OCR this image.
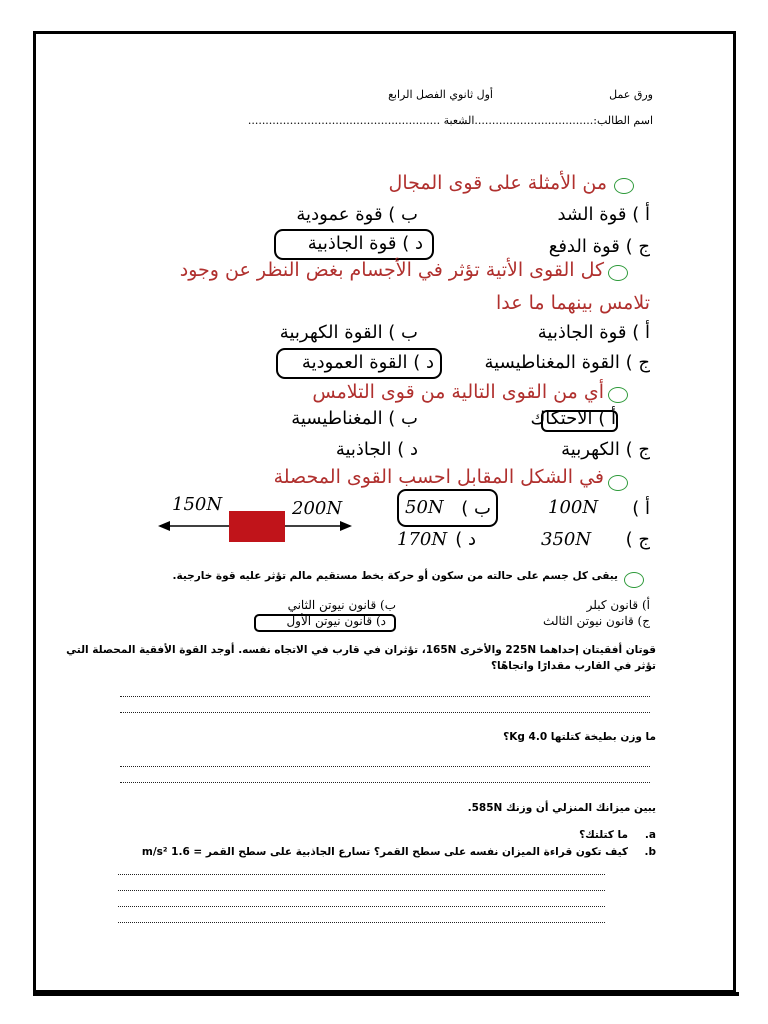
ورق عمل
أول ثانوي الفصل الرابع
اسم الطالب:..................................الشعبة .......................................................
من الأمثلة على قوى المجال
أ ) قوة الشد
ب ) قوة عمودية
ج ) قوة الدفع
د ) قوة الجاذبية
كل القوى الأتية تؤثر في الأجسام بغض النظر عن وجود
تلامس بينهما ما عدا
أ ) قوة الجاذبية
ب ) القوة الكهربية
ج ) القوة المغناطيسية
د ) القوة العمودية
أي من القوى التالية من قوى التلامس
أ ) الاحتكاك
ب ) المغناطيسية
ج ) الكهربية
د ) الجاذبية
في الشكل المقابل احسب القوى المحصلة
150N	200N	أ )
100N
50N ب )
ج )
350N
170N د )
يبقى كل جسم على حالته من سكون أو حركة بخط مستقيم مالم تؤثر عليه قوة خارجية.
أ) قانون كبلر
ب) قانون نيوتن الثاني
ج) قانون نيوتن الثالث
د) قانون نيوتن الأول
قوتان أفقيتان إحداهما 225N والأخرى 165N، تؤثران في قارب في الاتجاه نفسه. أوجد القوة الأفقية المحصلة التي
تؤثر في القارب مقدارًا واتجاهًا؟
ما وزن بطيخة كتلتها 4.0 Kg؟
يبين ميزانك المنزلي أن وزنك 585N.
a.
ما كتلتك؟
b.
كيف تكون قراءة الميزان نفسه على سطح القمر؟ تسارع الجاذبية على سطح القمر = 1.6 m/s²
